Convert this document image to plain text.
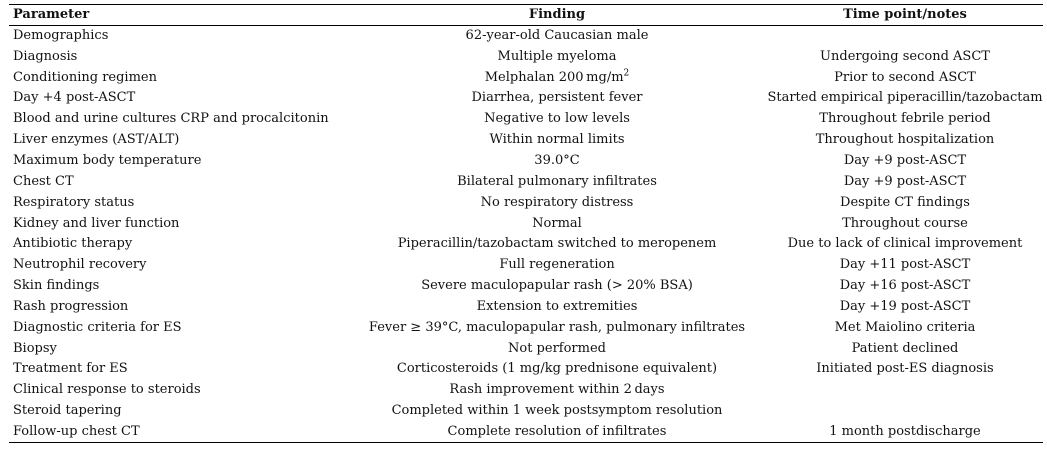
Parameter	Finding	Time point/notes
Demographics	62-year-old Caucasian male	
Diagnosis	Multiple myeloma	Undergoing second ASCT
Conditioning regimen	Melphalan 200 $mg/m^2$	Prior to second ASCT
Day +4 post-ASCT	Diarrhea, persistent fever	Started empirical piperacillin/tazobactam
Blood and urine cultures CRP and procalcitonin	Negative to low levels	Throughout febrile period
Liver enzymes (AST/ALT)	Within normal limits	Throughout hospitalization
Maximum body temperature	39.0°C	Day +9 post-ASCT
Chest CT	Bilateral pulmonary infiltrates	Day +9 post-ASCT
Respiratory status	No respiratory distress	Despite CT findings
Kidney and liver function	Normal	Throughout course
Antibiotic therapy	Piperacillin/tazobactam switched to meropenem	Due to lack of clinical improvement
Neutrophil recovery	Full regeneration	Day +11 post-ASCT
Skin findings	Severe maculopapular rash (> 20% BSA)	Day +16 post-ASCT
Rash progression	Extension to extremities	Day +19 post-ASCT
Diagnostic criteria for ES	Fever ≥ 39°C, maculopapular rash, pulmonary infiltrates	Met Maiolino criteria
Biopsy	Not performed	Patient declined
Treatment for ES	Corticosteroids (1 mg/kg prednisone equivalent)	Initiated post-ES diagnosis
Clinical response to steroids	Rash improvement within 2 days	
Steroid tapering	Completed within 1 week postsymptom resolution	
Follow-up chest CT	Complete resolution of infiltrates	1 month postdischarge
